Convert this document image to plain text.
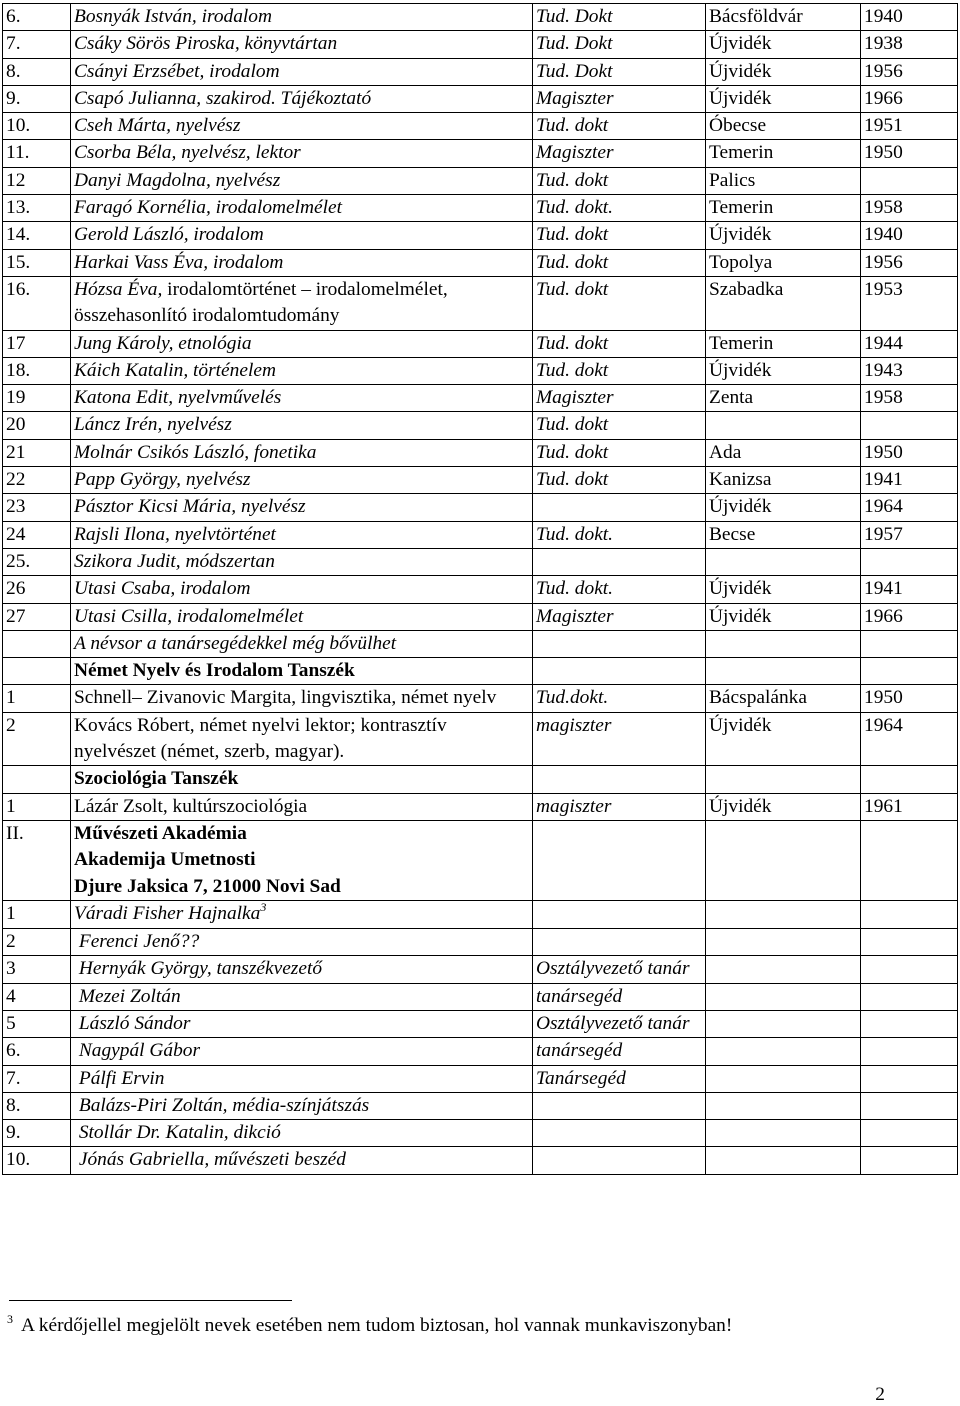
6.	Bosnyák István, irodalom	Tud. Dokt	Bácsföldvár	1940
7.	Csáky Sörös Piroska, könyvtártan	Tud. Dokt	Újvidék	1938
8.	Csányi Erzsébet, irodalom	Tud. Dokt	Újvidék	1956
9.	Csapó Julianna, szakirod. Tájékoztató	Magiszter	Újvidék	1966
10.	Cseh Márta, nyelvész	Tud. dokt	Óbecse	1951
11.	Csorba Béla, nyelvész, lektor	Magiszter	Temerin	1950
12	Danyi Magdolna, nyelvész	Tud. dokt	Palics	
13.	Faragó Kornélia, irodalomelmélet	Tud. dokt.	Temerin	1958
14.	Gerold László, irodalom	Tud. dokt	Újvidék	1940
15.	Harkai Vass Éva, irodalom	Tud. dokt	Topolya	1956
16.	Hózsa Éva, irodalomtörténet – irodalomelmélet, összehasonlító irodalomtudomány	Tud. dokt	Szabadka	1953
17	Jung Károly, etnológia	Tud. dokt	Temerin	1944
18.	Káich Katalin, történelem	Tud. dokt	Újvidék	1943
19	Katona Edit, nyelvművelés	Magiszter	Zenta	1958
20	Láncz Irén, nyelvész	Tud. dokt		
21	Molnár Csikós László, fonetika	Tud. dokt	Ada	1950
22	Papp György, nyelvész	Tud. dokt	Kanizsa	1941
23	Pásztor Kicsi Mária, nyelvész		Újvidék	1964
24	Rajsli Ilona, nyelvtörténet	Tud. dokt.	Becse	1957
25.	Szikora Judit, módszertan			
26	Utasi Csaba, irodalom	Tud. dokt.	Újvidék	1941
27	Utasi Csilla, irodalomelmélet	Magiszter	Újvidék	1966
	A névsor a tanársegédekkel még bővülhet			
	Német Nyelv és Irodalom Tanszék			
1	Schnell– Zivanovic Margita, lingvisztika, német nyelv	Tud.dokt.	Bácspalánka	1950
2	Kovács Róbert, német nyelvi lektor; kontrasztív nyelvészet (német, szerb, magyar).	magiszter	Újvidék	1964
	Szociológia Tanszék			
1	Lázár Zsolt, kultúrszociológia	magiszter	Újvidék	1961
II.	Művészeti Akadémia
Akademija Umetnosti
Djure Jaksica 7, 21000 Novi Sad			

1	Váradi Fisher Hajnalka$^3$			
2	Ferenci Jenő??			
3	Hernyák György, tanszékvezető	Osztályvezető tanár		
4	Mezei Zoltán	tanársegéd		
5	László Sándor	Osztályvezető tanár		
6.	Nagypál Gábor	tanársegéd		
7.	Pálfi Ervin	Tanársegéd		
8.	Balázs-Piri Zoltán, média-színjátszás			
9.	Stollár Dr. Katalin, dikció			
10.	Jónás Gabriella, művészeti beszéd			
$^3$ A kérdőjellel megjelölt nevek esetében nem tudom biztosan, hol vannak munkaviszonyban!
2
